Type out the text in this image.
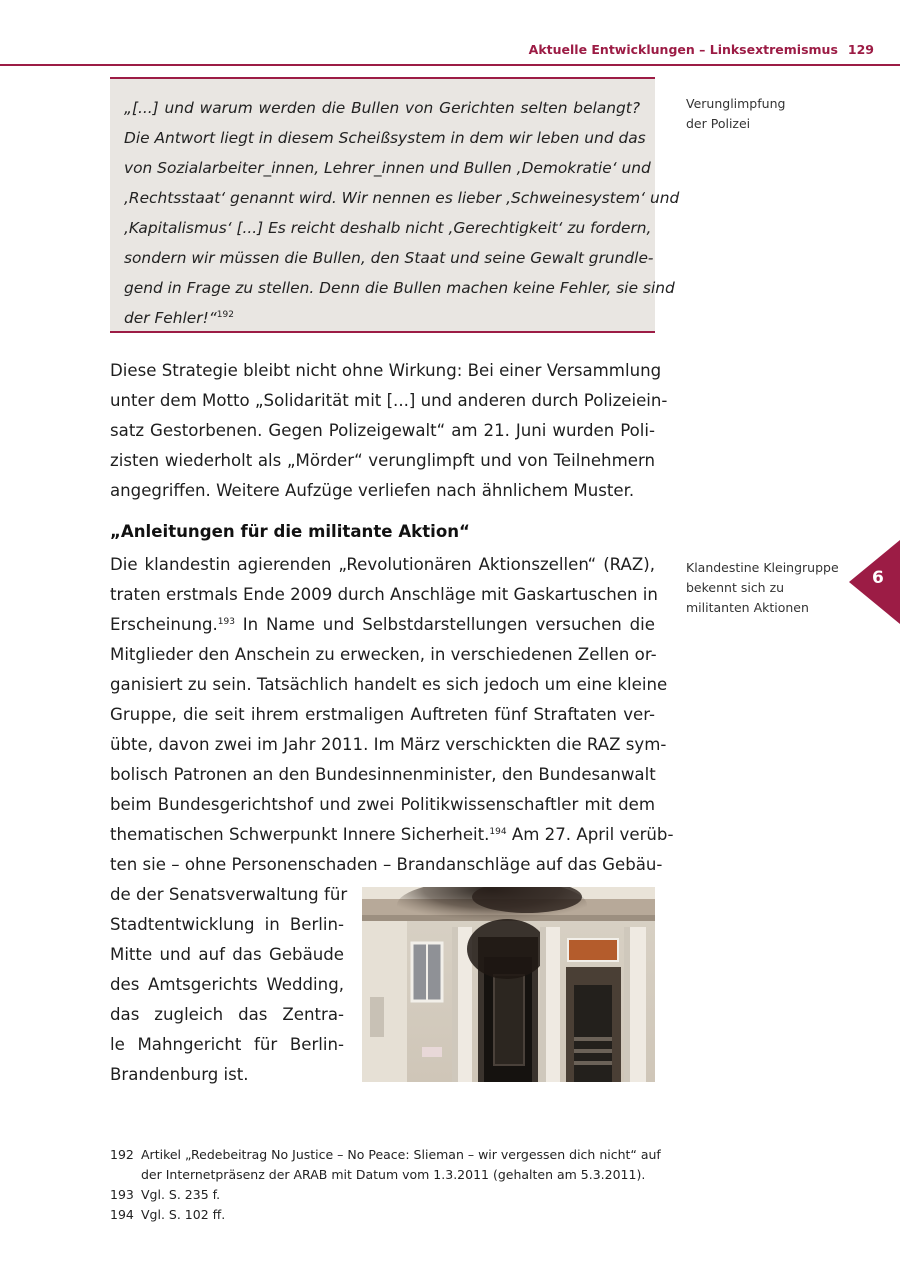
Aktuelle Entwicklungen – Linksextremismus 129
„[...] und warum werden die Bullen von Gerichten selten belangt?
Die Antwort liegt in diesem Scheißsystem in dem wir leben und das
von Sozialarbeiter_innen, Lehrer_innen und Bullen ‚Demokratie‘ und
‚Rechtsstaat‘ genannt wird. Wir nennen es lieber ‚Schweinesystem‘ und
‚Kapitalismus‘ [...] Es reicht deshalb nicht ‚Gerechtigkeit‘ zu fordern,
sondern wir müssen die Bullen, den Staat und seine Gewalt grundle-
gend in Frage zu stellen. Denn die Bullen machen keine Fehler, sie sind
der Fehler!“$^{192}$
Verunglimpfung
der Polizei
Diese Strategie bleibt nicht ohne Wirkung: Bei einer Versammlung
unter dem Motto „Solidarität mit [...] und anderen durch Polizeiein-
satz Gestorbenen. Gegen Polizeigewalt“ am 21. Juni wurden Poli-
zisten wiederholt als „Mörder“ verunglimpft und von Teilnehmern
angegriffen. Weitere Aufzüge verliefen nach ähnlichem Muster.
„Anleitungen für die militante Aktion“
Die klandestin agierenden „Revolutionären Aktionszellen“ (RAZ),
traten erstmals Ende 2009 durch Anschläge mit Gaskartuschen in
Erscheinung.$^{193}$ In Name und Selbstdarstellungen versuchen die
Mitglieder den Anschein zu erwecken, in verschiedenen Zellen or-
ganisiert zu sein. Tatsächlich handelt es sich jedoch um eine kleine
Gruppe, die seit ihrem erstmaligen Auftreten fünf Straftaten ver-
übte, davon zwei im Jahr 2011. Im März verschickten die RAZ sym-
bolisch Patronen an den Bundesinnenminister, den Bundesanwalt
beim Bundesgerichtshof und zwei Politikwissenschaftler mit dem
thematischen Schwerpunkt Innere Sicherheit.$^{194}$ Am 27. April verüb-
ten sie – ohne Personenschaden – Brandanschläge auf das Gebäu-
de der Senatsverwaltung für
Stadtentwicklung in Berlin-
Mitte und auf das Gebäude
des Amtsgerichts Wedding,
das zugleich das Zentra-
le Mahngericht für Berlin-
Brandenburg ist.
Klandestine Kleingruppe
bekennt sich zu
militanten Aktionen
6
192 Artikel „Redebeitrag No Justice – No Peace: Slieman – wir vergessen dich nicht“ auf
der Internetpräsenz der ARAB mit Datum vom 1.3.2011 (gehalten am 5.3.2011).
193 Vgl. S. 235 f.
194 Vgl. S. 102 ff.
